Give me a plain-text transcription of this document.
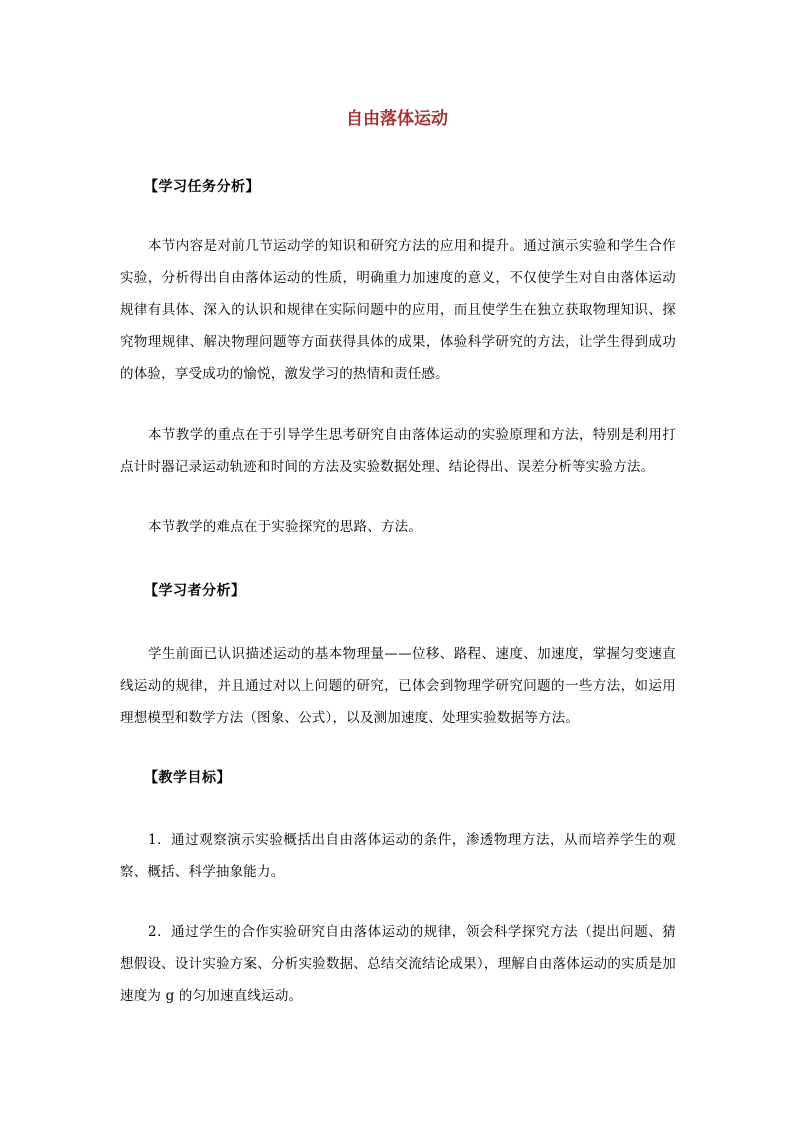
自由落体运动
【学习任务分析】

本节内容是对前几节运动学的知识和研究方法的应用和提升。通过演示实验和学生合作实验，分析得出自由落体运动的性质，明确重力加速度的意义，不仅使学生对自由落体运动规律有具体、深入的认识和规律在实际问题中的应用，而且使学生在独立获取物理知识、探究物理规律、解决物理问题等方面获得具体的成果，体验科学研究的方法，让学生得到成功的体验，享受成功的愉悦，激发学习的热情和责任感。

本节教学的重点在于引导学生思考研究自由落体运动的实验原理和方法，特别是利用打点计时器记录运动轨迹和时间的方法及实验数据处理、结论得出、误差分析等实验方法。

本节教学的难点在于实验探究的思路、方法。

【学习者分析】

学生前面已认识描述运动的基本物理量——位移、路程、速度、加速度，掌握匀变速直线运动的规律，并且通过对以上问题的研究，已体会到物理学研究问题的一些方法，如运用理想模型和数学方法（图象、公式），以及测加速度、处理实验数据等方法。

【教学目标】

1．通过观察演示实验概括出自由落体运动的条件，渗透物理方法，从而培养学生的观察、概括、科学抽象能力。

2．通过学生的合作实验研究自由落体运动的规律，领会科学探究方法（提出问题、猜想假设、设计实验方案、分析实验数据、总结交流结论成果），理解自由落体运动的实质是加速度为 g 的匀加速直线运动。
